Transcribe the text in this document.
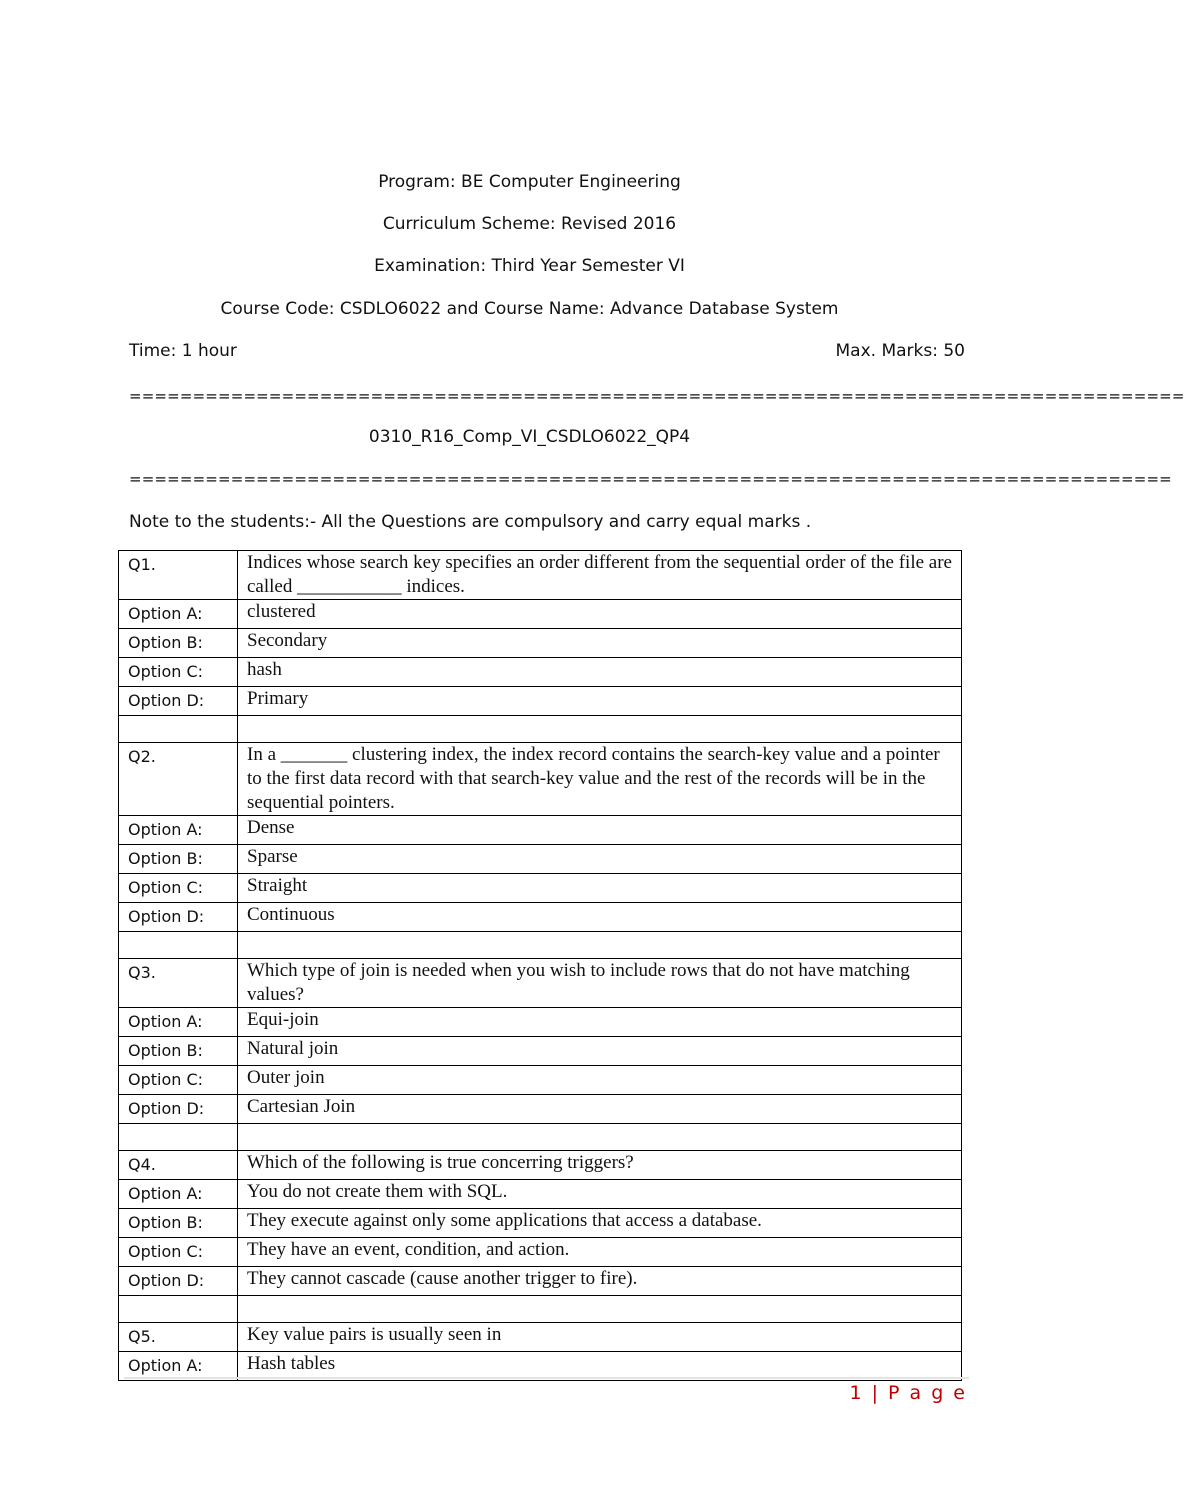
Program: BE Computer Engineering
Curriculum Scheme: Revised 2016
Examination: Third Year Semester VI
Course Code: CSDLO6022 and Course Name: Advance Database System
Time: 1 hour	Max. Marks: 50
===================================================================================
0310_R16_Comp_VI_CSDLO6022_QP4
==================================================================================
Note to the students:- All the Questions are compulsory and carry equal marks .
Q1.	Indices whose search key specifies an order different from the sequential order of the file are called ___________ indices.
Option A:	clustered
Option B:	Secondary
Option C:	hash
Option D:	Primary

Q2.	In a _______ clustering index, the index record contains the search-key value and a pointer to the first data record with that search-key value and the rest of the records will be in the sequential pointers.
Option A:	Dense
Option B:	Sparse
Option C:	Straight
Option D:	Continuous

Q3.	Which type of join is needed when you wish to include rows that do not have matching values?
Option A:	Equi-join
Option B:	Natural join
Option C:	Outer join
Option D:	Cartesian Join

Q4.	Which of the following is true concerring triggers?
Option A:	You do not create them with SQL.
Option B:	They execute against only some applications that access a database.
Option C:	They have an event, condition, and action.
Option D:	They cannot cascade (cause another trigger to fire).

Q5.	Key value pairs is usually seen in
Option A:	Hash tables
1 | P a g e
